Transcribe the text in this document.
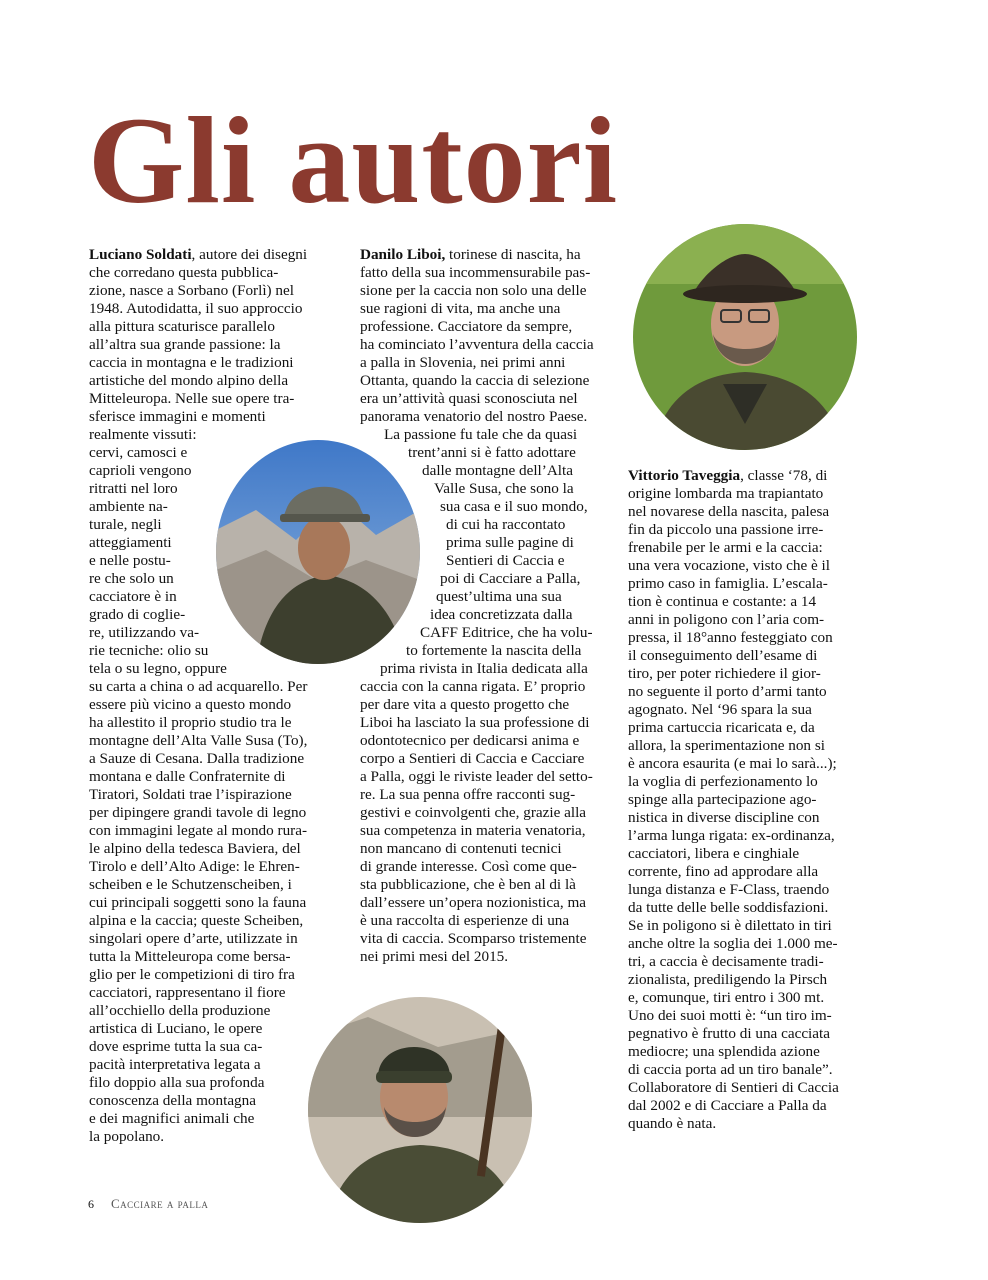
Gli autori
Luciano Soldati, autore dei disegni
che corredano questa pubblica-
zione, nasce a Sorbano (Forlì) nel
1948. Autodidatta, il suo approccio
alla pittura scaturisce parallelo
all’altra sua grande passione: la
caccia in montagna e le tradizioni
artistiche del mondo alpino della
Mitteleuropa. Nelle sue opere tra-
sferisce immagini e momenti
realmente vissuti:
cervi, camosci e
caprioli vengono
ritratti nel loro
ambiente na-
turale, negli
atteggiamenti
e nelle postu-
re che solo un
cacciatore è in
grado di coglie-
re, utilizzando va-
rie tecniche: olio su
tela o su legno, oppure
su carta a china o ad acquarello. Per
essere più vicino a questo mondo
ha allestito il proprio studio tra le
montagne dell’Alta Valle Susa (To),
a Sauze di Cesana. Dalla tradizione
montana e dalle Confraternite di
Tiratori, Soldati trae l’ispirazione
per dipingere grandi tavole di legno
con immagini legate al mondo rura-
le alpino della tedesca Baviera, del
Tirolo e dell’Alto Adige: le Ehren-
scheiben e le Schutzenscheiben, i
cui principali soggetti sono la fauna
alpina e la caccia; queste Scheiben,
singolari opere d’arte, utilizzate in
tutta la Mitteleuropa come bersa-
glio per le competizioni di tiro fra
cacciatori, rappresentano il fiore
all’occhiello della produzione
artistica di Luciano, le opere
dove esprime tutta la sua ca-
pacità interpretativa legata a
filo doppio alla sua profonda
conoscenza della montagna
e dei magnifici animali che
la popolano.
Danilo Liboi, torinese di nascita, ha
fatto della sua incommensurabile pas-
sione per la caccia non solo una delle
sue ragioni di vita, ma anche una
professione. Cacciatore da sempre,
ha cominciato l’avventura della caccia
a palla in Slovenia, nei primi anni
Ottanta, quando la caccia di selezione
era un’attività quasi sconosciuta nel
panorama venatorio del nostro Paese.
La passione fu tale che da quasi
trent’anni si è fatto adottare
dalle montagne dell’Alta
Valle Susa, che sono la
sua casa e il suo mondo,
di cui ha raccontato
prima sulle pagine di
Sentieri di Caccia e
poi di Cacciare a Palla,
quest’ultima una sua
idea concretizzata dalla
CAFF Editrice, che ha volu-
to fortemente la nascita della
prima rivista in Italia dedicata alla
caccia con la canna rigata. E’ proprio
per dare vita a questo progetto che
Liboi ha lasciato la sua professione di
odontotecnico per dedicarsi anima e
corpo a Sentieri di Caccia e Cacciare
a Palla, oggi le riviste leader del setto-
re. La sua penna offre racconti sug-
gestivi e coinvolgenti che, grazie alla
sua competenza in materia venatoria,
non mancano di contenuti tecnici
di grande interesse. Così come que-
sta pubblicazione, che è ben al di là
dall’essere un’opera nozionistica, ma
è una raccolta di esperienze di una
vita di caccia. Scomparso tristemente
nei primi mesi del 2015.
Vittorio Taveggia, classe ‘78, di
origine lombarda ma trapiantato
nel novarese della nascita, palesa
fin da piccolo una passione irre-
frenabile per le armi e la caccia:
una vera vocazione, visto che è il
primo caso in famiglia. L’escala-
tion è continua e costante: a 14
anni in poligono con l’aria com-
pressa, il 18°anno festeggiato con
il conseguimento dell’esame di
tiro, per poter richiedere il gior-
no seguente il porto d’armi tanto
agognato. Nel ‘96 spara la sua
prima cartuccia ricaricata e, da
allora, la sperimentazione non si
è ancora esaurita (e mai lo sarà...);
la voglia di perfezionamento lo
spinge alla partecipazione ago-
nistica in diverse discipline con
l’arma lunga rigata: ex-ordinanza,
cacciatori, libera e cinghiale
corrente, fino ad approdare alla
lunga distanza e F-Class, traendo
da tutte delle belle soddisfazioni.
Se in poligono si è dilettato in tiri
anche oltre la soglia dei 1.000 me-
tri, a caccia è decisamente tradi-
zionalista, prediligendo la Pirsch
e, comunque, tiri entro i 300 mt.
Uno dei suoi motti è: “un tiro im-
pegnativo è frutto di una cacciata
mediocre; una splendida azione
di caccia porta ad un tiro banale”.
Collaboratore di Sentieri di Caccia
dal 2002 e di Cacciare a Palla da
quando è nata.
6 Cacciare a palla
